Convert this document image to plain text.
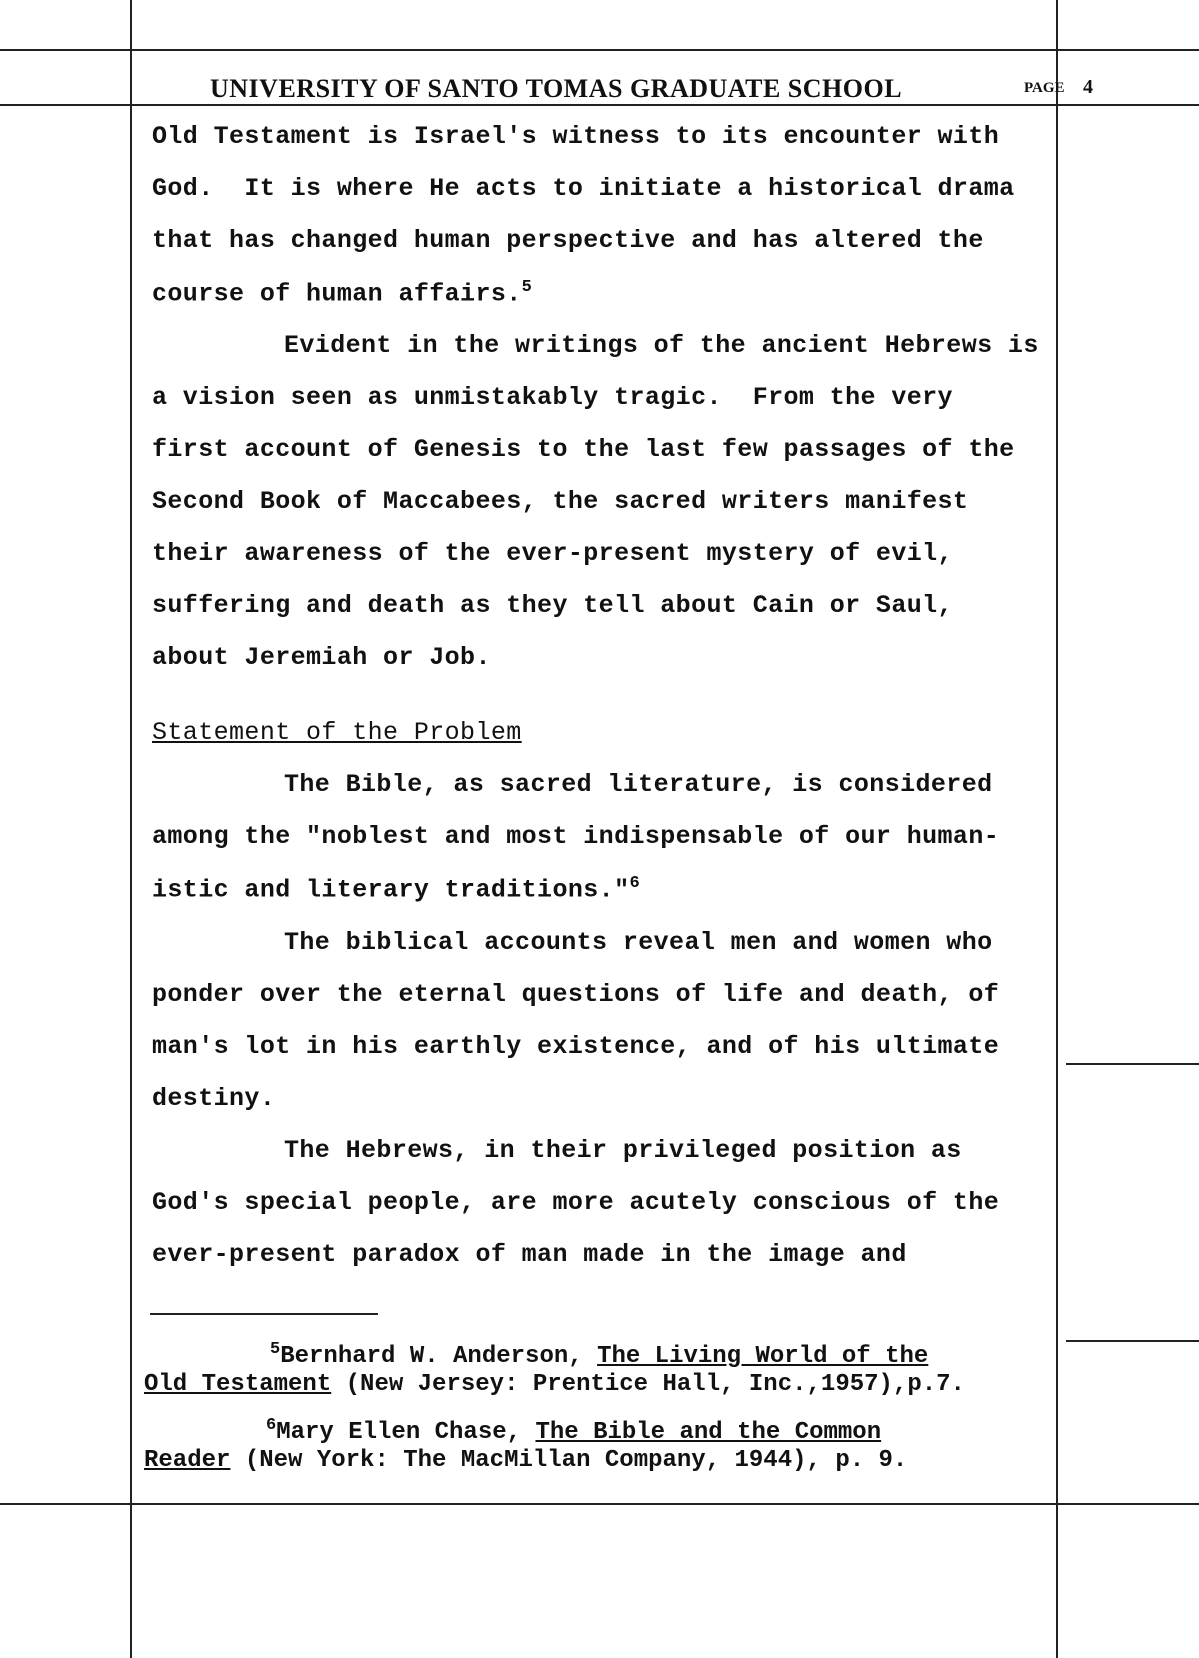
UNIVERSITY OF SANTO TOMAS GRADUATE SCHOOL	PAGE 4
Old Testament is Israel's witness to its encounter with
God.  It is where He acts to initiate a historical drama
that has changed human perspective and has altered the
course of human affairs.$^5$
Evident in the writings of the ancient Hebrews is
a vision seen as unmistakably tragic.  From the very
first account of Genesis to the last few passages of the
Second Book of Maccabees, the sacred writers manifest
their awareness of the ever-present mystery of evil,
suffering and death as they tell about Cain or Saul,
about Jeremiah or Job.
Statement of the Problem
The Bible, as sacred literature, is considered
among the "noblest and most indispensable of our human-
istic and literary traditions."$^6$
The biblical accounts reveal men and women who
ponder over the eternal questions of life and death, of
man's lot in his earthly existence, and of his ultimate
destiny.
The Hebrews, in their privileged position as
God's special people, are more acutely conscious of the
ever-present paradox of man made in the image and
$^5$Bernhard W. Anderson, The Living World of the
Old Testament (New Jersey: Prentice Hall, Inc.,1957),p.7.
$^6$Mary Ellen Chase, The Bible and the Common
Reader (New York: The MacMillan Company, 1944), p. 9.
